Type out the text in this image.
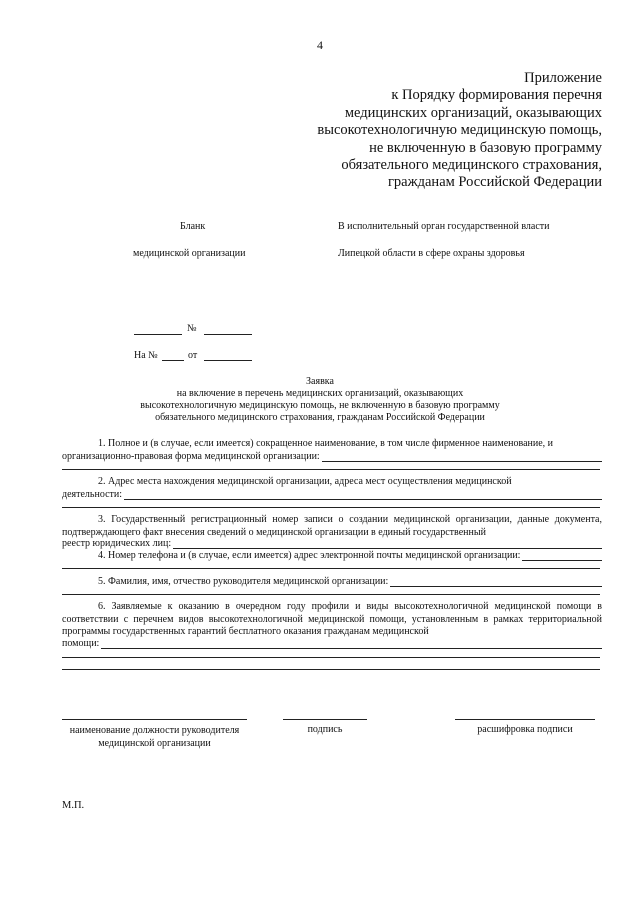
4
Приложение
к Порядку формирования перечня
медицинских организаций, оказывающих
высокотехнологичную медицинскую помощь,
не включенную в базовую программу
обязательного медицинского страхования,
гражданам Российской Федерации
Бланк
медицинской организации
В исполнительный орган государственной власти
Липецкой области в сфере охраны здоровья
№
На №	от
Заявка
на включение в перечень медицинских организаций, оказывающих
высокотехнологичную медицинскую помощь, не включенную в базовую программу
обязательного медицинского страхования, гражданам Российской Федерации
1. Полное и (в случае, если имеется) сокращенное наименование, в том числе фирменное наименование, и
организационно-правовая форма медицинской организации:
2. Адрес места нахождения медицинской организации, адреса мест осуществления медицинской
деятельности:
3. Государственный регистрационный номер записи о создании медицинской организации, данные документа, подтверждающего факт внесения сведений о медицинской организации в единый государственный
реестр юридических лиц:
4. Номер телефона и (в случае, если имеется) адрес электронной почты медицинской организации:
5. Фамилия, имя, отчество руководителя медицинской организации:
6. Заявляемые к оказанию в очередном году профили и виды высокотехнологичной медицинской помощи в соответствии с перечнем видов высокотехнологичной медицинской помощи, установленным в рамках территориальной программы государственных гарантий бесплатного оказания гражданам медицинской
помощи:
наименование должности руководителя
медицинской организации
подпись	расшифровка подписи
М.П.
